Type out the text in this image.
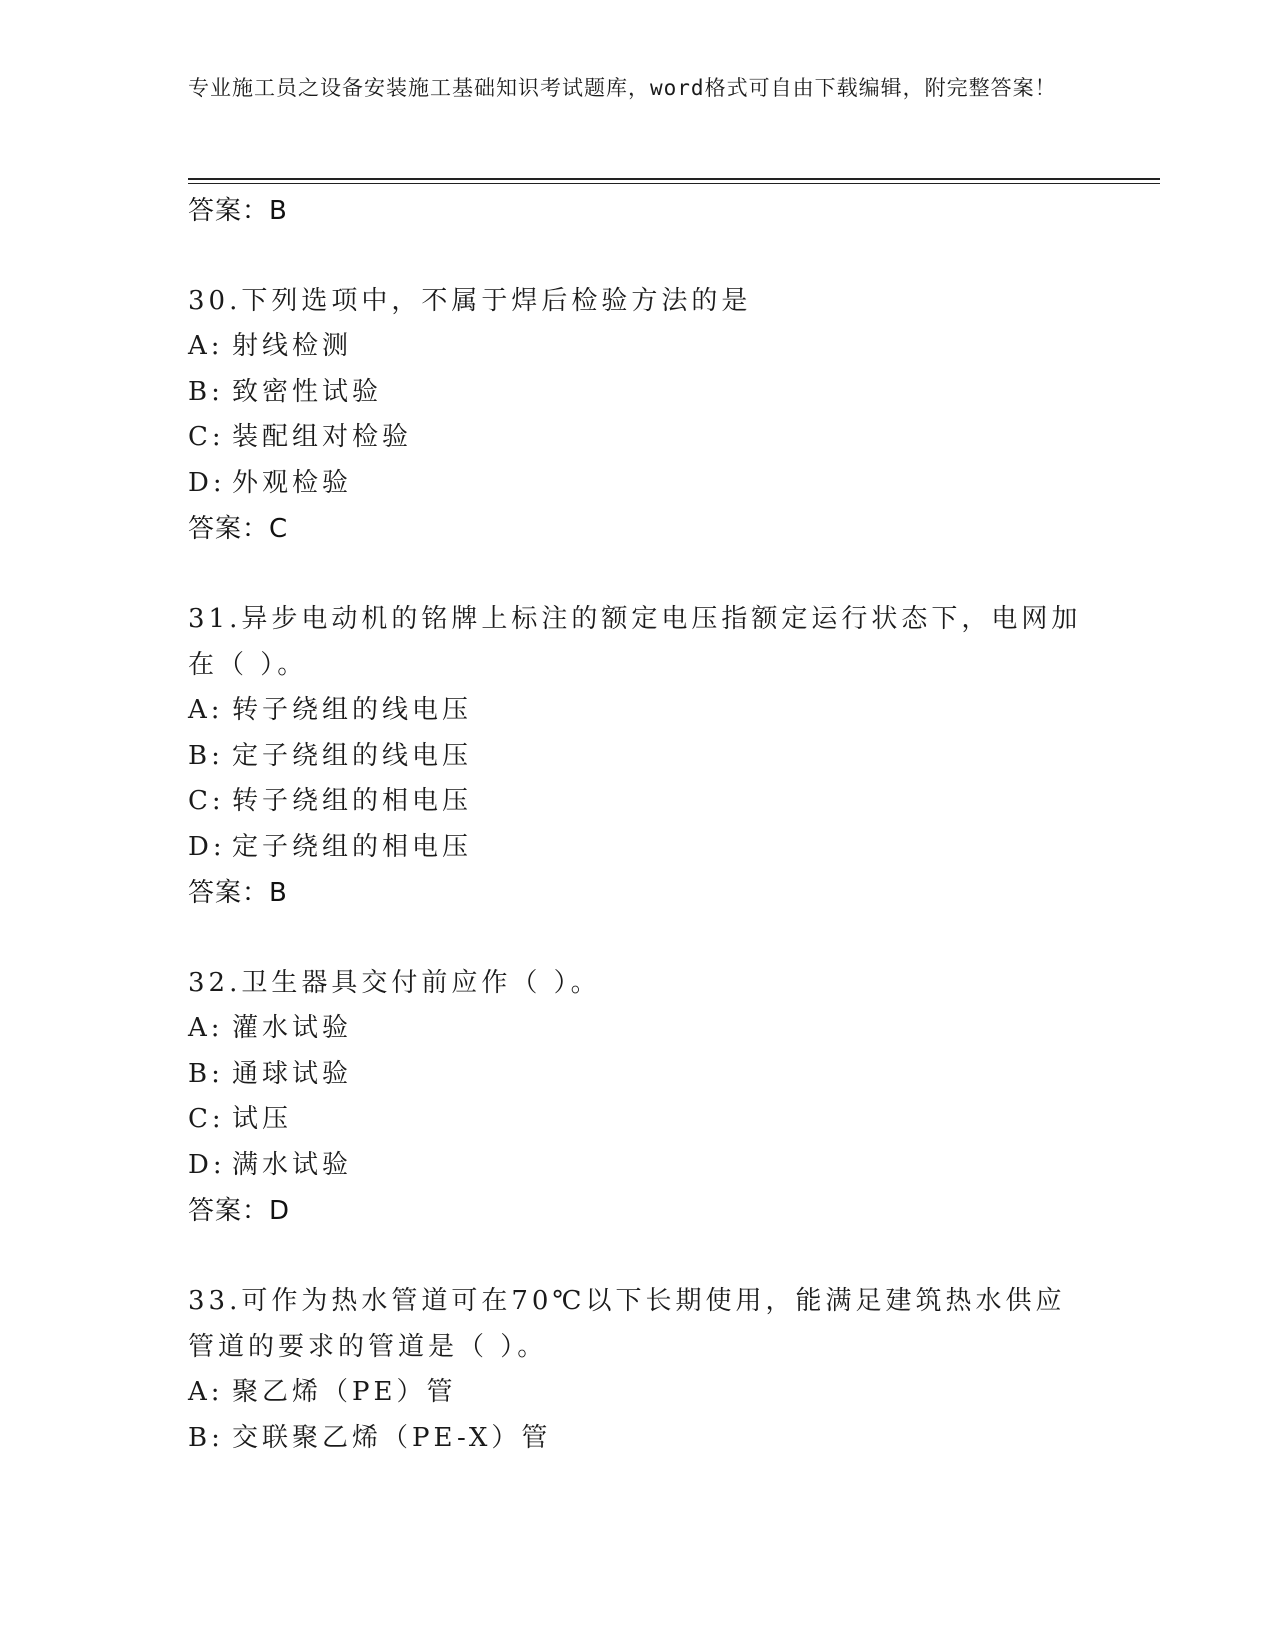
专业施工员之设备安装施工基础知识考试题库，word格式可自由下载编辑，附完整答案！
答案：B
30.下列选项中，不属于焊后检验方法的是
A: 射线检测
B: 致密性试验
C: 装配组对检验
D: 外观检验
答案：C
31.异步电动机的铭牌上标注的额定电压指额定运行状态下，电网加在（ ）。
A: 转子绕组的线电压
B: 定子绕组的线电压
C: 转子绕组的相电压
D: 定子绕组的相电压
答案：B
32.卫生器具交付前应作（ ）。
A: 灌水试验
B: 通球试验
C: 试压
D: 满水试验
答案：D
33.可作为热水管道可在70℃以下长期使用，能满足建筑热水供应管道的要求的管道是（ ）。
A: 聚乙烯（PE）管
B: 交联聚乙烯（PE-X）管
